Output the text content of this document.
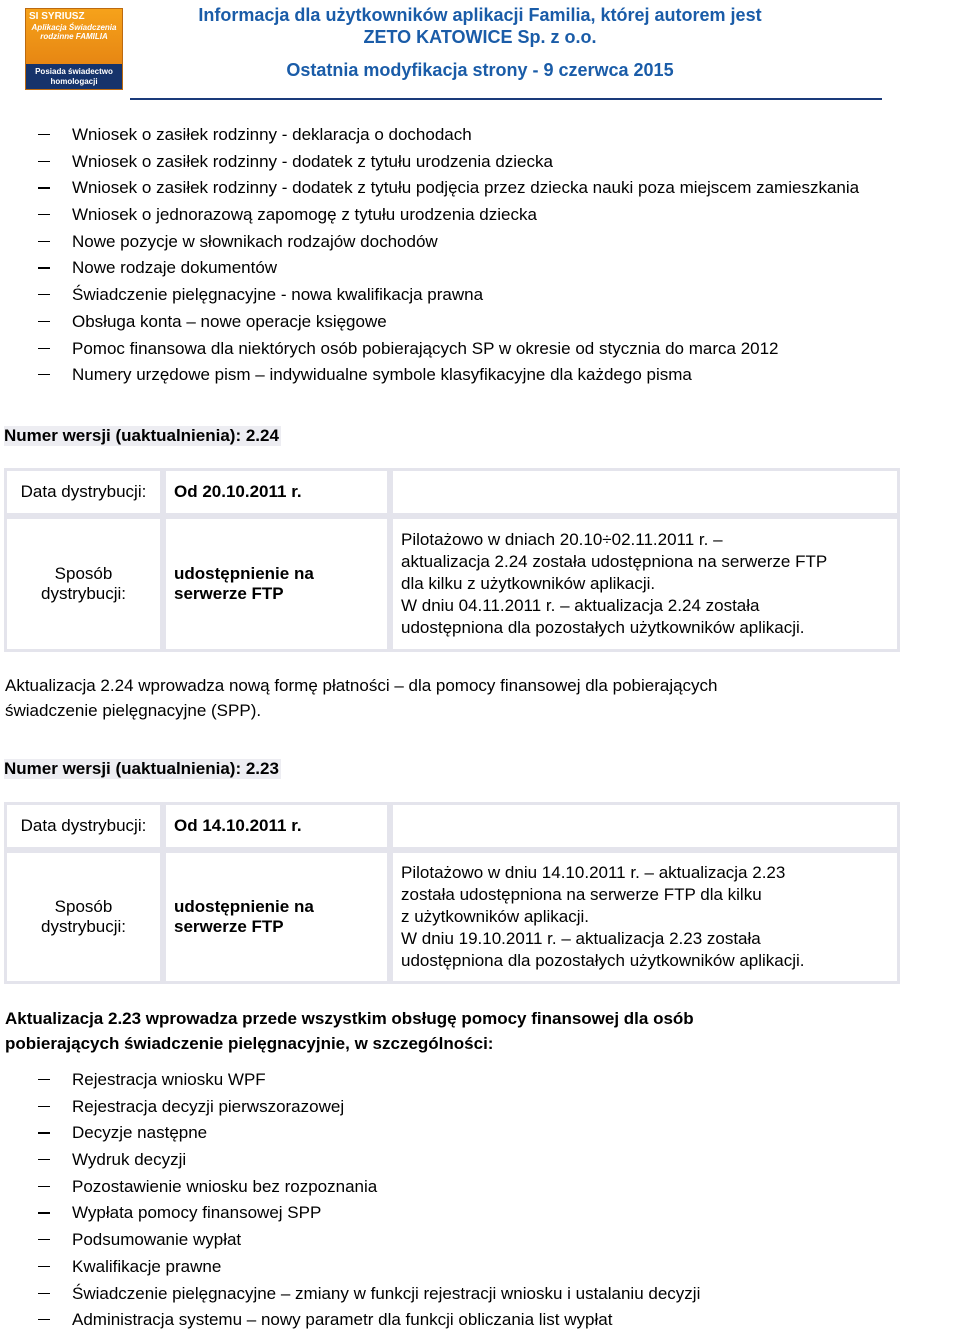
SI SYRIUSZ
Aplikacja Świadczenia rodzinne FAMILIA
Posiada świadectwo homologacji
Informacja dla użytkowników aplikacji Familia, której autorem jest
ZETO KATOWICE Sp. z o.o.
Ostatnia modyfikacja strony - 9 czerwca 2015
Wniosek o zasiłek rodzinny - deklaracja o dochodach
Wniosek o zasiłek rodzinny - dodatek z tytułu urodzenia dziecka
Wniosek o zasiłek rodzinny - dodatek z tytułu podjęcia przez dziecka nauki poza miejscem zamieszkania
Wniosek o jednorazową zapomogę z tytułu urodzenia dziecka
Nowe pozycje w słownikach rodzajów dochodów
Nowe rodzaje dokumentów
Świadczenie pielęgnacyjne - nowa kwalifikacja prawna
Obsługa konta – nowe operacje księgowe
Pomoc finansowa dla niektórych osób pobierających SP w okresie od stycznia do marca 2012
Numery urzędowe pism – indywidualne symbole klasyfikacyjne dla każdego pisma
Numer wersji (uaktualnienia): 2.24
Data dystrybucji:	Od 20.10.2011 r.	
Sposób dystrybucji:	udostępnienie na serwerze FTP	Pilotażowo w dniach 20.10÷02.11.2011 r. –
aktualizacja 2.24 została udostępniona na serwerze FTP
dla kilku z użytkowników aplikacji.
W dniu 04.11.2011 r. – aktualizacja 2.24 została
udostępniona dla pozostałych użytkowników aplikacji.
Aktualizacja 2.24 wprowadza nową formę płatności – dla pomocy finansowej dla pobierających
świadczenie pielęgnacyjne (SPP).
Numer wersji (uaktualnienia): 2.23
Data dystrybucji:	Od 14.10.2011 r.	
Sposób dystrybucji:	udostępnienie na serwerze FTP	Pilotażowo w dniu 14.10.2011 r. – aktualizacja 2.23
została udostępniona na serwerze FTP dla kilku
z użytkowników aplikacji.
W dniu 19.10.2011 r. – aktualizacja 2.23 została
udostępniona dla pozostałych użytkowników aplikacji.
Aktualizacja 2.23 wprowadza przede wszystkim obsługę pomocy finansowej dla osób
pobierających świadczenie pielęgnacyjnie, w szczególności:
Rejestracja wniosku WPF
Rejestracja decyzji pierwszorazowej
Decyzje następne
Wydruk decyzji
Pozostawienie wniosku bez rozpoznania
Wypłata pomocy finansowej SPP
Podsumowanie wypłat
Kwalifikacje prawne
Świadczenie pielęgnacyjne – zmiany w funkcji rejestracji wniosku i ustalaniu decyzji
Administracja systemu – nowy parametr dla funkcji obliczania list wypłat
